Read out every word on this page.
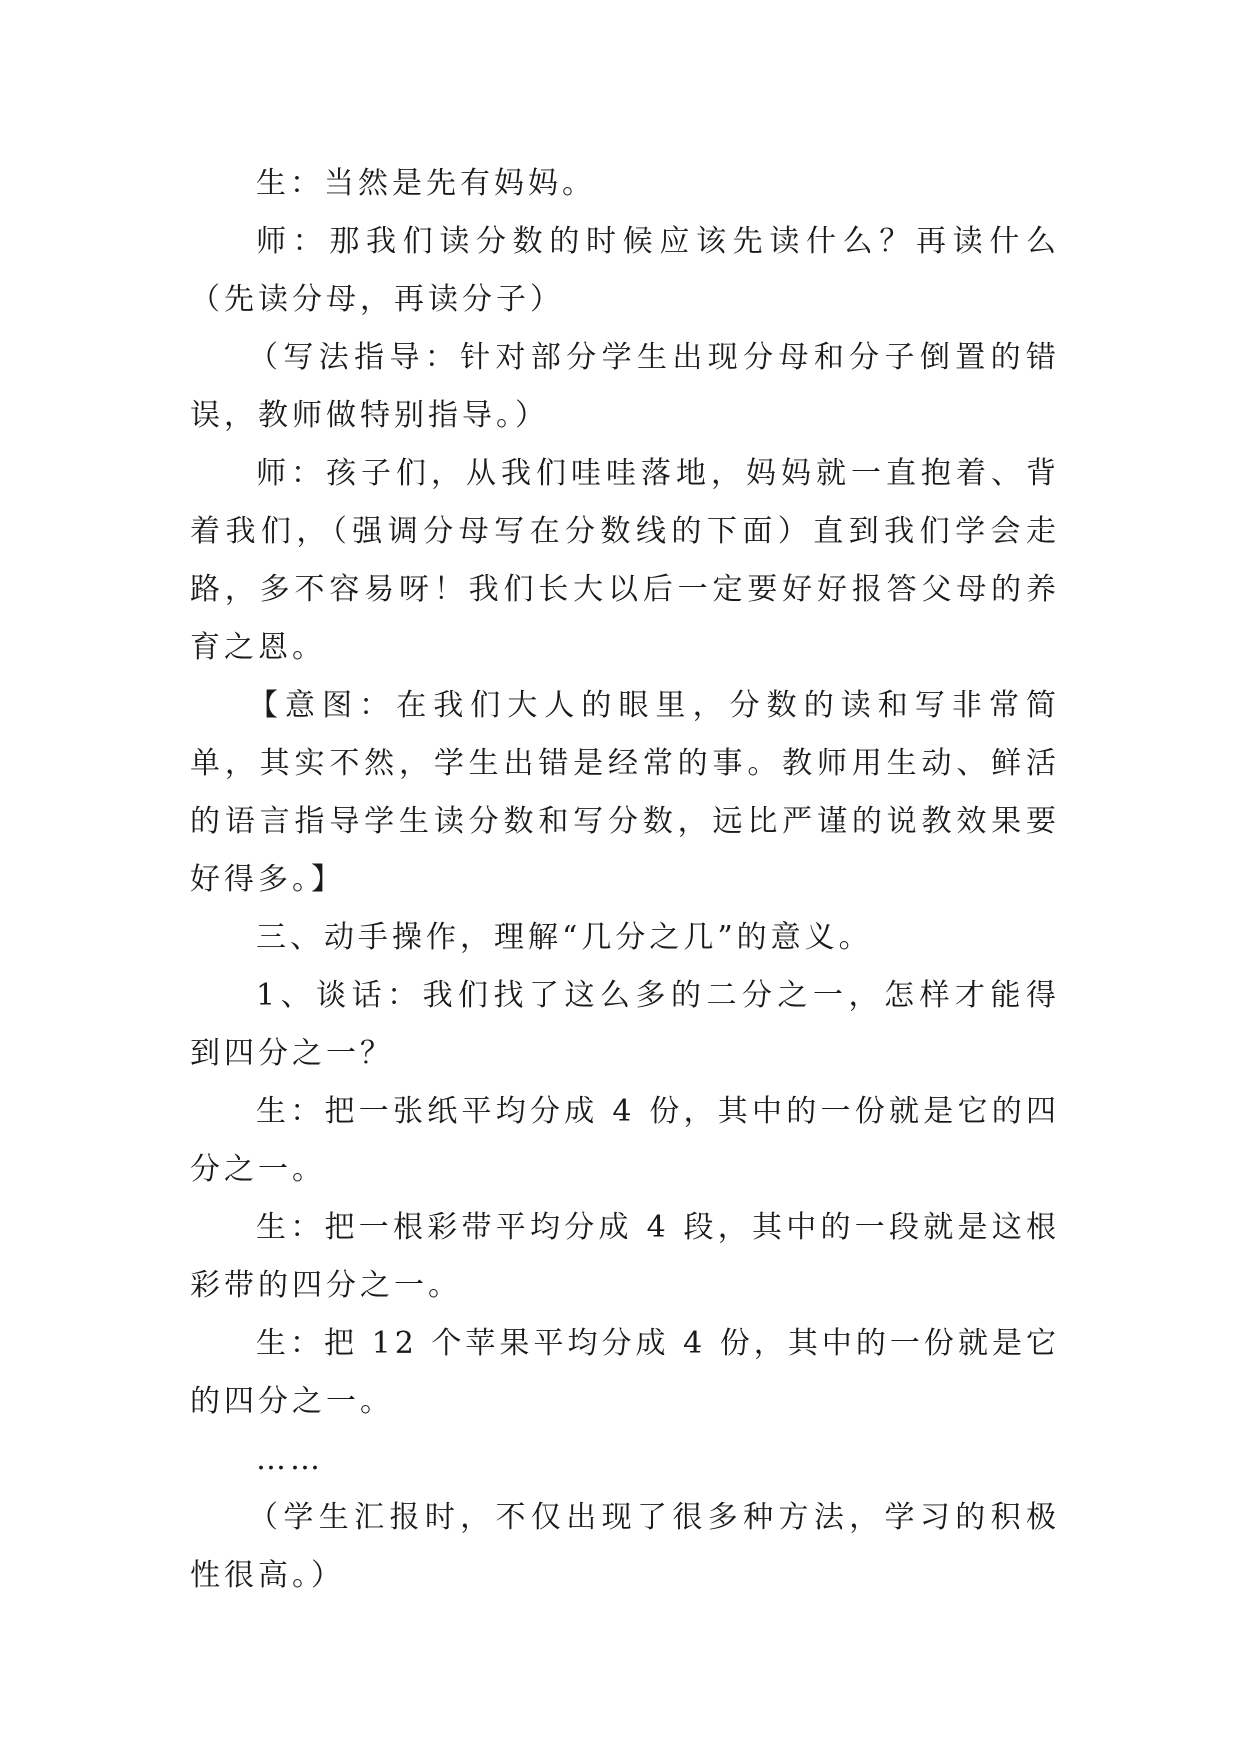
生：当然是先有妈妈。

师：那我们读分数的时候应该先读什么？再读什么（先读分母，再读分子）

（写法指导：针对部分学生出现分母和分子倒置的错误，教师做特别指导。）

师：孩子们，从我们哇哇落地，妈妈就一直抱着、背着我们，（强调分母写在分数线的下面）直到我们学会走路，多不容易呀！我们长大以后一定要好好报答父母的养育之恩。

【意图：在我们大人的眼里，分数的读和写非常简单，其实不然，学生出错是经常的事。教师用生动、鲜活的语言指导学生读分数和写分数，远比严谨的说教效果要好得多。】

三、动手操作，理解“几分之几”的意义。

1、谈话：我们找了这么多的二分之一，怎样才能得到四分之一？

生：把一张纸平均分成 4 份，其中的一份就是它的四分之一。

生：把一根彩带平均分成 4 段，其中的一段就是这根彩带的四分之一。

生：把 12 个苹果平均分成 4 份，其中的一份就是它的四分之一。

……

（学生汇报时，不仅出现了很多种方法，学习的积极性很高。）
